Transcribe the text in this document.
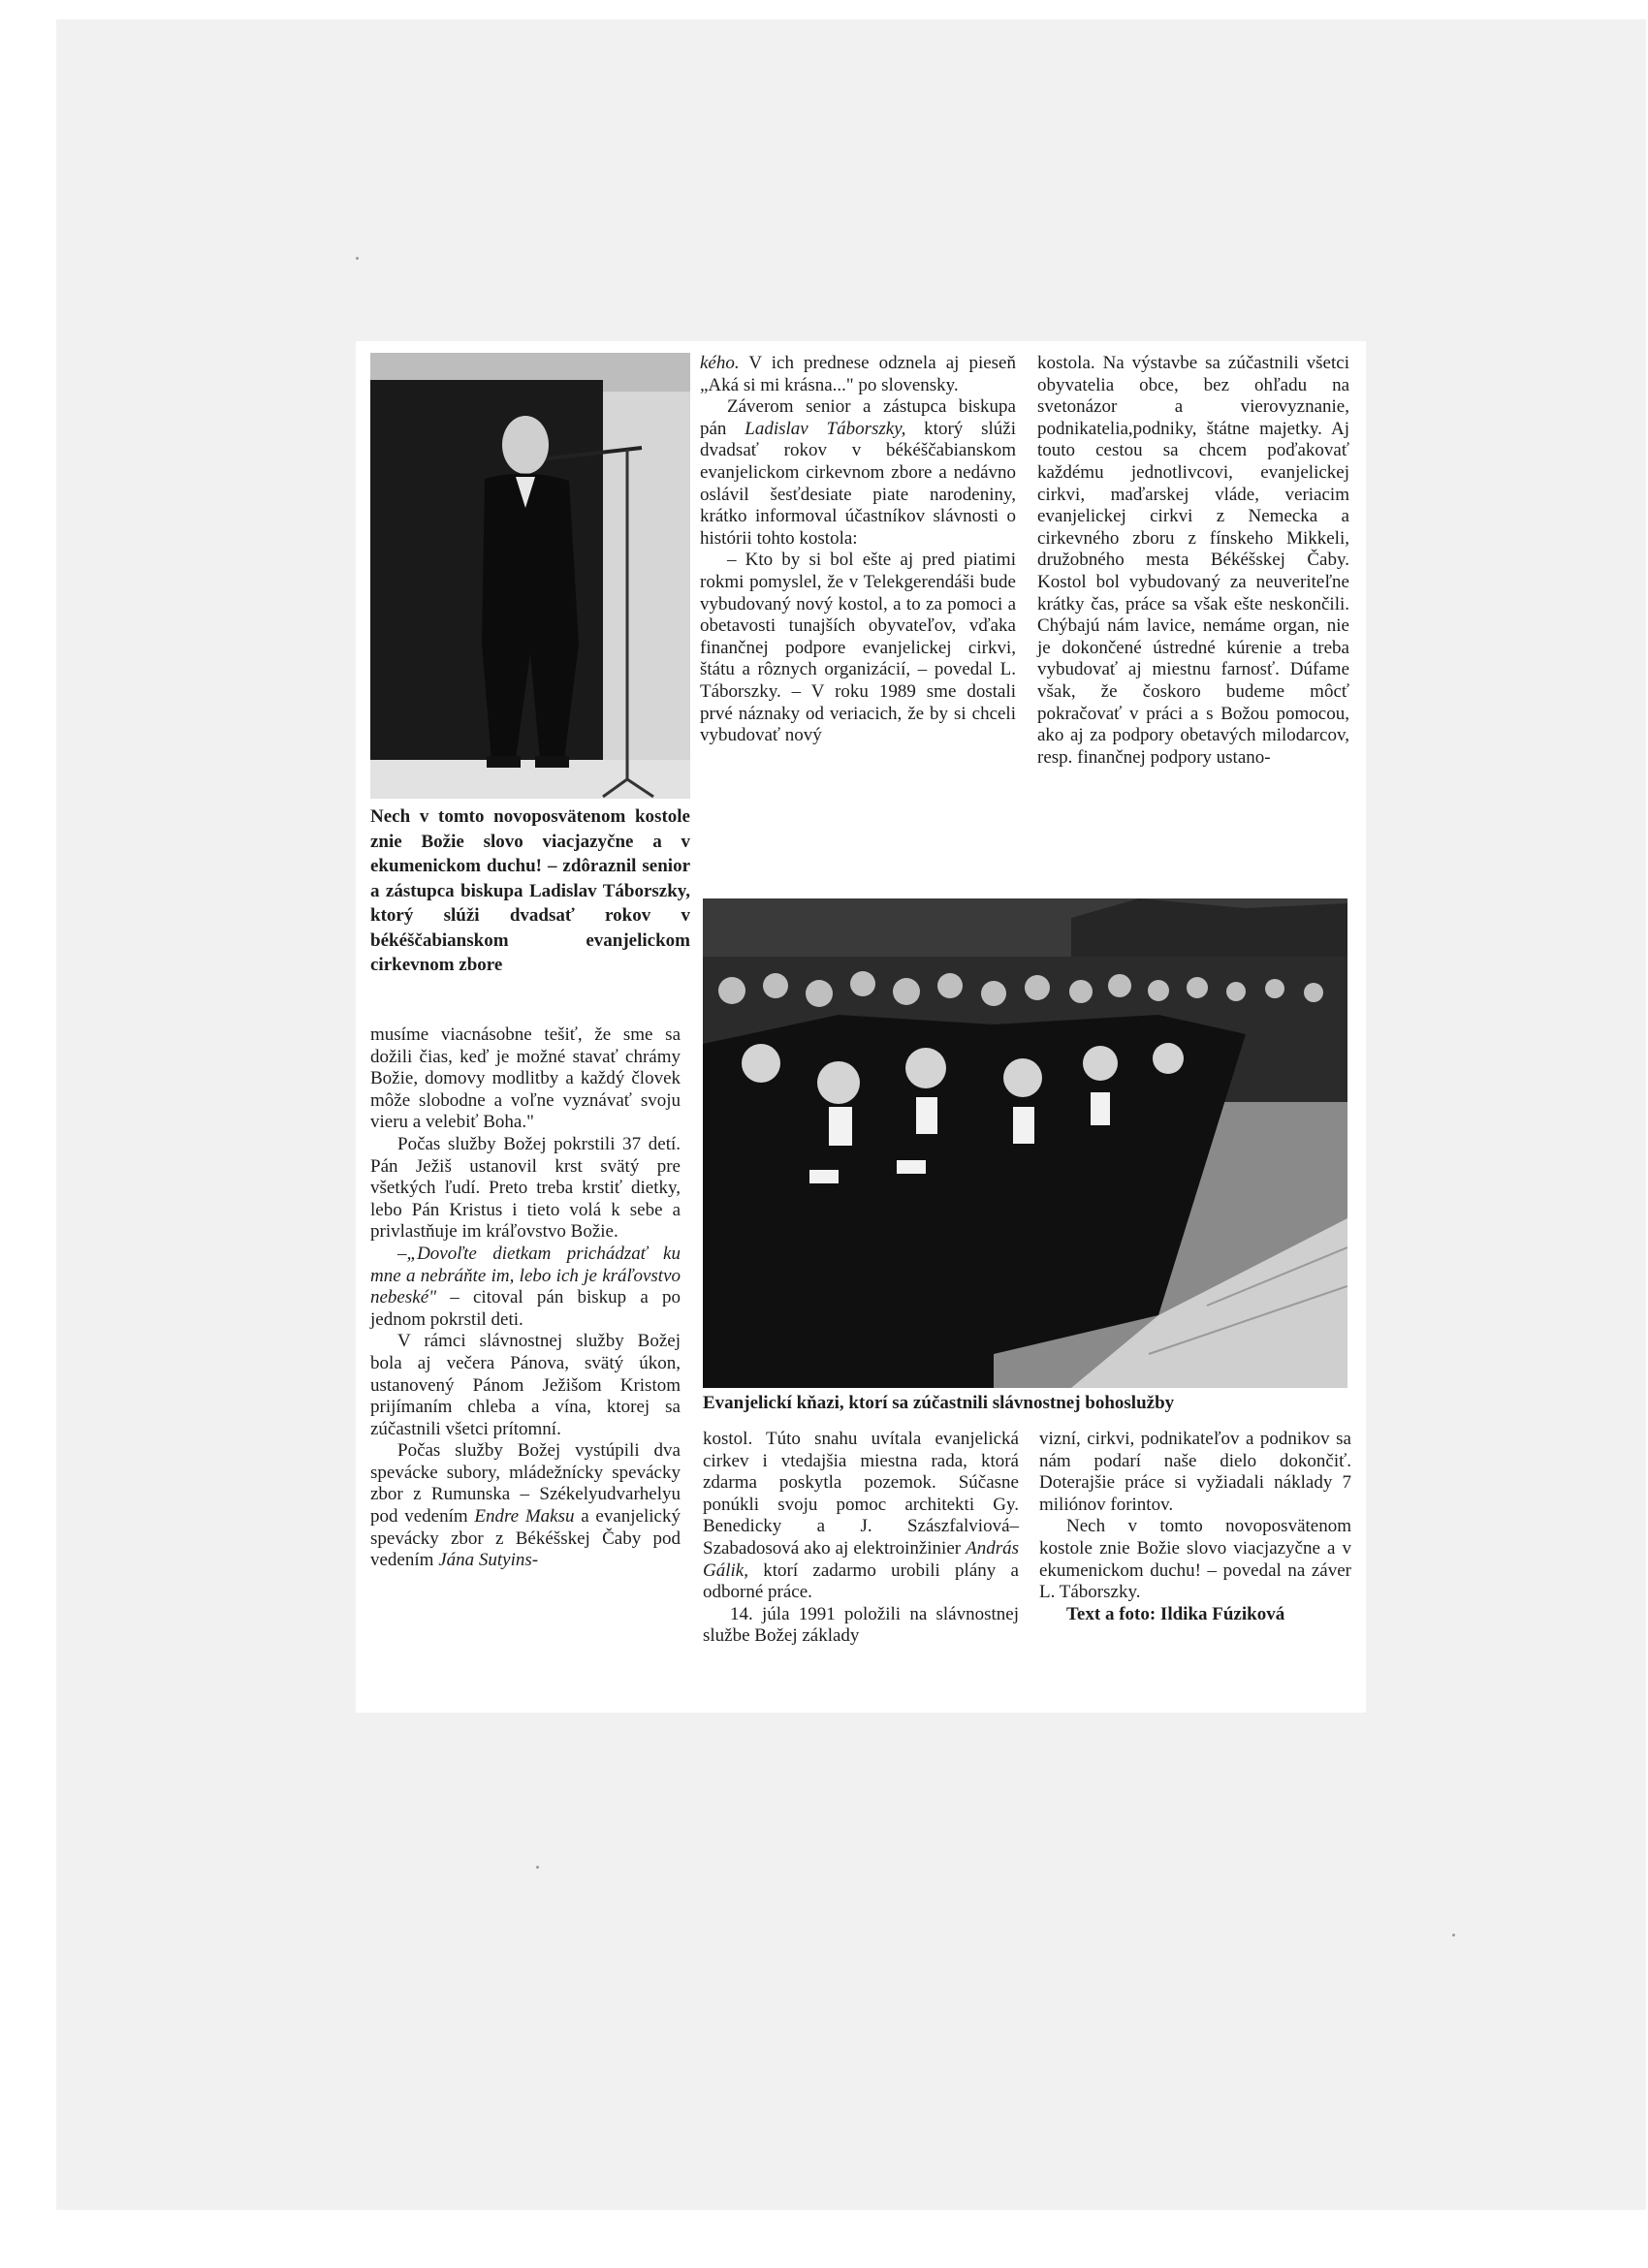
Nech v tomto novoposvätenom kostole znie Božie slovo viacjazyčne a v ekumenickom duchu! – zdôraznil senior a zástupca biskupa Ladislav Táborszky, ktorý slúži dvadsať rokov v békéščabianskom evanjelickom cirkevnom zbore

musíme viacnásobne tešiť, že sme sa dožili čias, keď je možné stavať chrámy Božie, domovy modlitby a každý človek môže slobodne a voľne vyznávať svoju vieru a velebiť Boha."

Počas služby Božej pokrstili 37 detí. Pán Ježiš ustanovil krst svätý pre všetkých ľudí. Preto treba krstiť dietky, lebo Pán Kristus i tieto volá k sebe a privlastňuje im kráľovstvo Božie.

–„Dovoľte dietkam prichádzať ku mne a nebráňte im, lebo ich je kráľovstvo nebeské" – citoval pán biskup a po jednom pokrstil deti.

V rámci slávnostnej služby Božej bola aj večera Pánova, svätý úkon, ustanovený Pánom Ježišom Kristom prijímaním chleba a vína, ktorej sa zúčastnili všetci prítomní.

Počas služby Božej vystúpili dva spevácke subory, mládežnícky spevácky zbor z Rumunska – Székelyudvarhelyu pod vedením Endre Maksu a evanjelický spevácky zbor z Békéšskej Čaby pod vedením Jána Sutyins-

kého. V ich prednese odznela aj pieseň „Aká si mi krásna..." po slovensky.

Záverom senior a zástupca biskupa pán Ladislav Táborszky, ktorý slúži dvadsať rokov v békéščabianskom evanjelickom cirkevnom zbore a nedávno oslávil šesťdesiate piate narodeniny, krátko informoval účastníkov slávnosti o histórii tohto kostola:

– Kto by si bol ešte aj pred piatimi rokmi pomyslel, že v Telekgerendáši bude vybudovaný nový kostol, a to za pomoci a obetavosti tunajších obyvateľov, vďaka finančnej podpore evanjelickej cirkvi, štátu a rôznych organizácií, – povedal L. Táborszky. – V roku 1989 sme dostali prvé náznaky od veriacich, že by si chceli vybudovať nový

kostola. Na výstavbe sa zúčastnili všetci obyvatelia obce, bez ohľadu na svetonázor a vierovyznanie, podnikatelia,podniky, štátne majetky. Aj touto cestou sa chcem poďakovať každému jednotlivcovi, evanjelickej cirkvi, maďarskej vláde, veriacim evanjelickej cirkvi z Nemecka a cirkevného zboru z fínskeho Mikkeli, družobného mesta Békéšskej Čaby. Kostol bol vybudovaný za neuveriteľne krátky čas, práce sa však ešte neskončili. Chýbajú nám lavice, nemáme organ, nie je dokončené ústredné kúrenie a treba vybudovať aj miestnu farnosť. Dúfame však, že čoskoro budeme môcť pokračovať v práci a s Božou pomocou, ako aj za podpory obetavých milodarcov, resp. finančnej podpory ustano-

Evanjelickí kňazi, ktorí sa zúčastnili slávnostnej bohoslužby

kostol. Túto snahu uvítala evanjelická cirkev i vtedajšia miestna rada, ktorá zdarma poskytla pozemok. Súčasne ponúkli svoju pomoc architekti Gy. Benedicky a J. Szászfalviová–Szabadosová ako aj elektroinžinier András Gálik, ktorí zadarmo urobili plány a odborné práce.

14. júla 1991 položili na slávnostnej službe Božej základy

vizní, cirkvi, podnikateľov a podnikov sa nám podarí naše dielo dokončiť. Doterajšie práce si vyžiadali náklady 7 miliónov forintov.

Nech v tomto novoposvätenom kostole znie Božie slovo viacjazyčne a v ekumenickom duchu! – povedal na záver L. Táborszky.

Text a foto: Ildika Fúziková
